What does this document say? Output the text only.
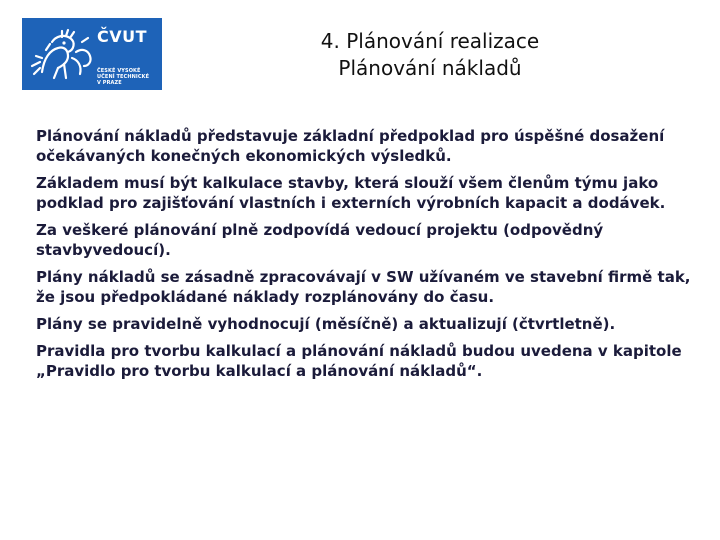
ČVUT
ČESKÉ VYSOKÉ
UČENÍ TECHNICKÉ
V PRAZE
4. Plánování realizace
Plánování nákladů

Plánování nákladů představuje základní předpoklad pro úspěšné dosažení očekávaných konečných ekonomických výsledků.

Základem musí být kalkulace stavby, která slouží všem členům týmu jako podklad pro zajišťování vlastních i externích výrobních kapacit a dodávek.

Za veškeré plánování plně zodpovídá vedoucí projektu (odpovědný stavbyvedoucí).

Plány nákladů se zásadně zpracovávají v SW užívaném ve stavební firmě tak, že jsou předpokládané náklady rozplánovány do času.

Plány se pravidelně vyhodnocují (měsíčně) a aktualizují (čtvrtletně).

Pravidla pro tvorbu kalkulací a plánování nákladů budou uvedena v kapitole „Pravidlo pro tvorbu kalkulací a plánování nákladů“.
